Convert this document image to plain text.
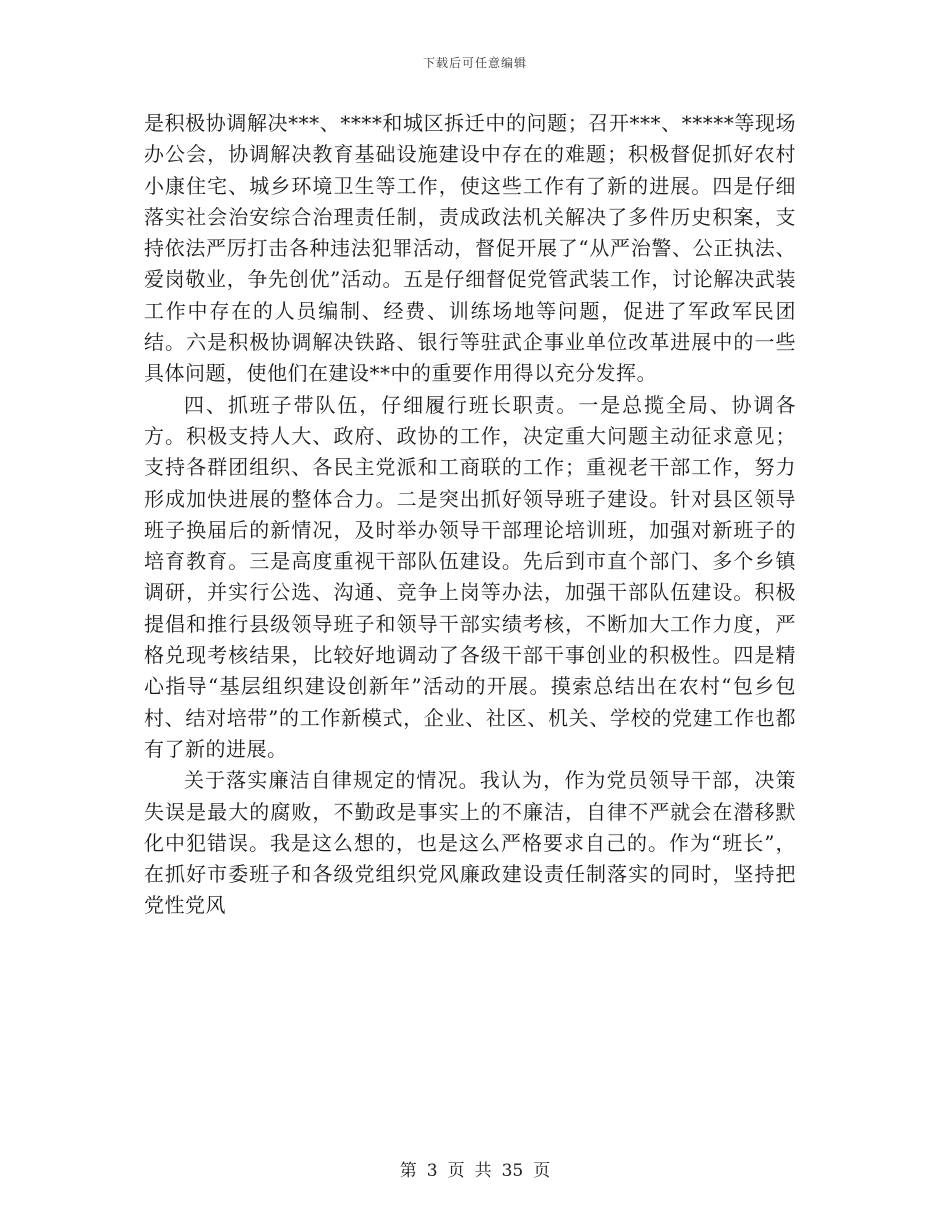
下载后可任意编辑

是积极协调解决***、****和城区拆迁中的问题；召开***、*****等现场办公会，协调解决教育基础设施建设中存在的难题；积极督促抓好农村小康住宅、城乡环境卫生等工作，使这些工作有了新的进展。四是仔细落实社会治安综合治理责任制，责成政法机关解决了多件历史积案，支持依法严厉打击各种违法犯罪活动，督促开展了“从严治警、公正执法、爱岗敬业，争先创优”活动。五是仔细督促党管武装工作，讨论解决武装工作中存在的人员编制、经费、训练场地等问题，促进了军政军民团结。六是积极协调解决铁路、银行等驻武企事业单位改革进展中的一些具体问题，使他们在建设**中的重要作用得以充分发挥。

四、抓班子带队伍，仔细履行班长职责。一是总揽全局、协调各方。积极支持人大、政府、政协的工作，决定重大问题主动征求意见；支持各群团组织、各民主党派和工商联的工作；重视老干部工作，努力形成加快进展的整体合力。二是突出抓好领导班子建设。针对县区领导班子换届后的新情况，及时举办领导干部理论培训班，加强对新班子的培育教育。三是高度重视干部队伍建设。先后到市直个部门、多个乡镇调研，并实行公选、沟通、竞争上岗等办法，加强干部队伍建设。积极提倡和推行县级领导班子和领导干部实绩考核，不断加大工作力度，严格兑现考核结果，比较好地调动了各级干部干事创业的积极性。四是精心指导“基层组织建设创新年”活动的开展。摸索总结出在农村“包乡包村、结对培带”的工作新模式，企业、社区、机关、学校的党建工作也都有了新的进展。

关于落实廉洁自律规定的情况。我认为，作为党员领导干部，决策失误是最大的腐败，不勤政是事实上的不廉洁，自律不严就会在潜移默化中犯错误。我是这么想的，也是这么严格要求自己的。作为“班长”，在抓好市委班子和各级党组织党风廉政建设责任制落实的同时，坚持把党性党风

第 3 页 共 35 页
